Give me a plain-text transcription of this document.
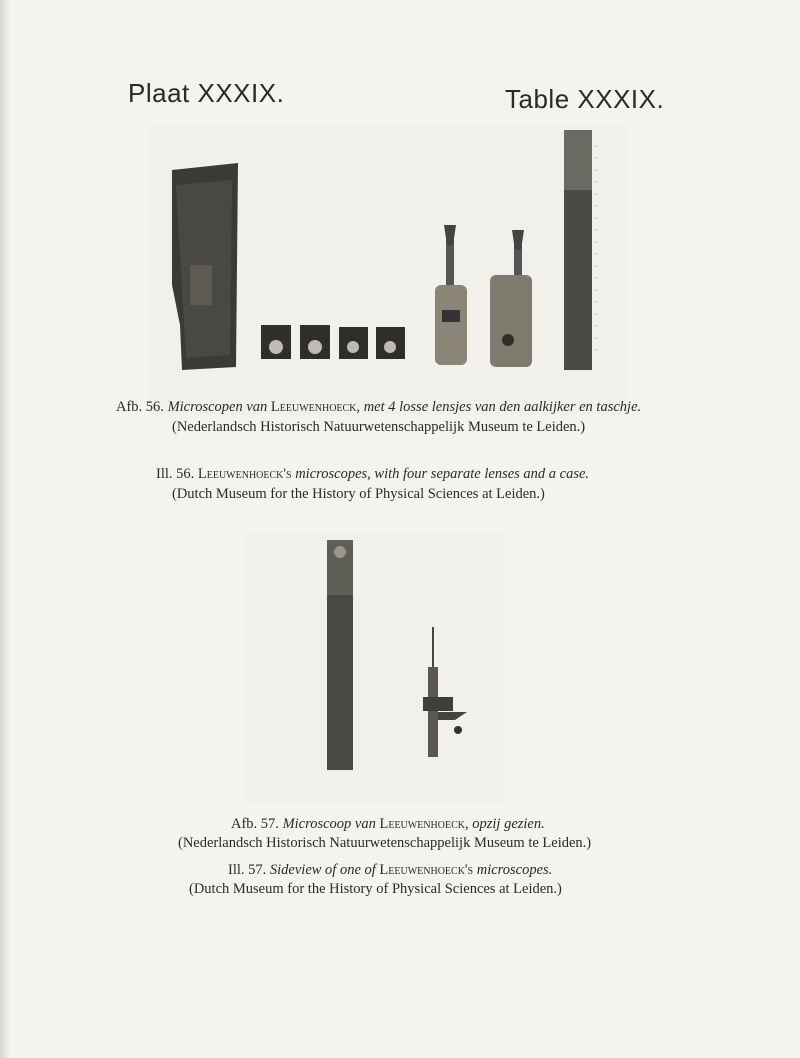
Plaat XXXIX.	Table XXXIX.
Afb. 56. Microscopen van Leeuwenhoeck, met 4 losse lensjes van den aalkijker en taschje.
(Nederlandsch Historisch Natuurwetenschappelijk Museum te Leiden.)
Ill. 56. Leeuwenhoeck's microscopes, with four separate lenses and a case.
(Dutch Museum for the History of Physical Sciences at Leiden.)
Afb. 57. Microscoop van Leeuwenhoeck, opzij gezien.
(Nederlandsch Historisch Natuurwetenschappelijk Museum te Leiden.)
Ill. 57. Sideview of one of Leeuwenhoeck's microscopes.
(Dutch Museum for the History of Physical Sciences at Leiden.)
